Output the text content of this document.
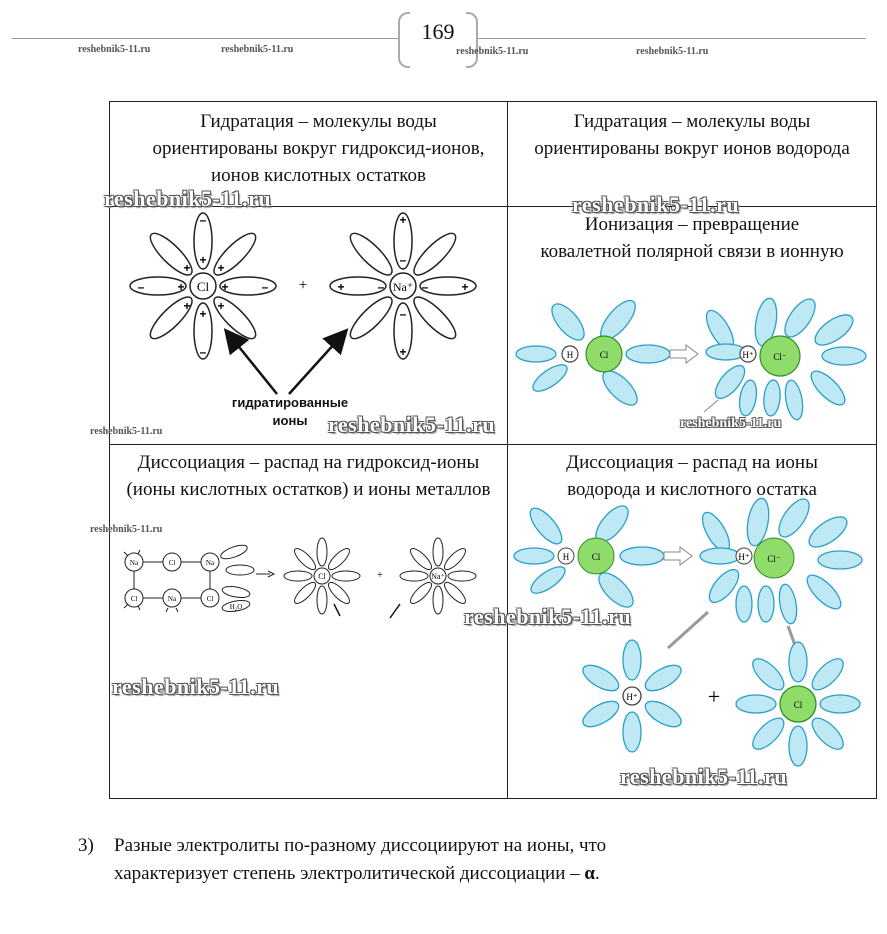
169
reshebnik5-11.ru	reshebnik5-11.ru	reshebnik5-11.ru	reshebnik5-11.ru
Гидратация – молекулы воды ориентированы вокруг гидроксид-ионов, ионов кислотных остатков	Гидратация – молекулы воды ориентированы вокруг ионов водорода

	Ионизация – превращение ковалетной полярной связи в ионную

Диссоциация – распад на гидроксид-ионы (ионы кислотных остатков) и ионы металлов	Диссоциация – распад на ионы водорода и кислотного остатка
Cl
+
–
+	–
+
–
+
–
+
+
+
+
+	Na⁺
–
+
–	+
–
+
–
+
гидратированные
ионы
H	Cl	H⁺ Cl⁻
Na	Cl	Na
Cl	Na	Cl
H₂O
Cl	+	Na⁺
H Cl	H⁺ Cl⁻
H⁺	+	Cl
reshebnik5-11.ru	reshebnik5-11.ru
reshebnik5-11.ru	reshebnik5-11.ru
reshebnik5-11.ru
reshebnik5-11.ru
reshebnik5-11.ru
reshebnik5-11.ru
reshebnik5-11.ru
3) Разные электролиты по-разному диссоциируют на ионы, что
характеризует степень электролитической диссоциации – α.
